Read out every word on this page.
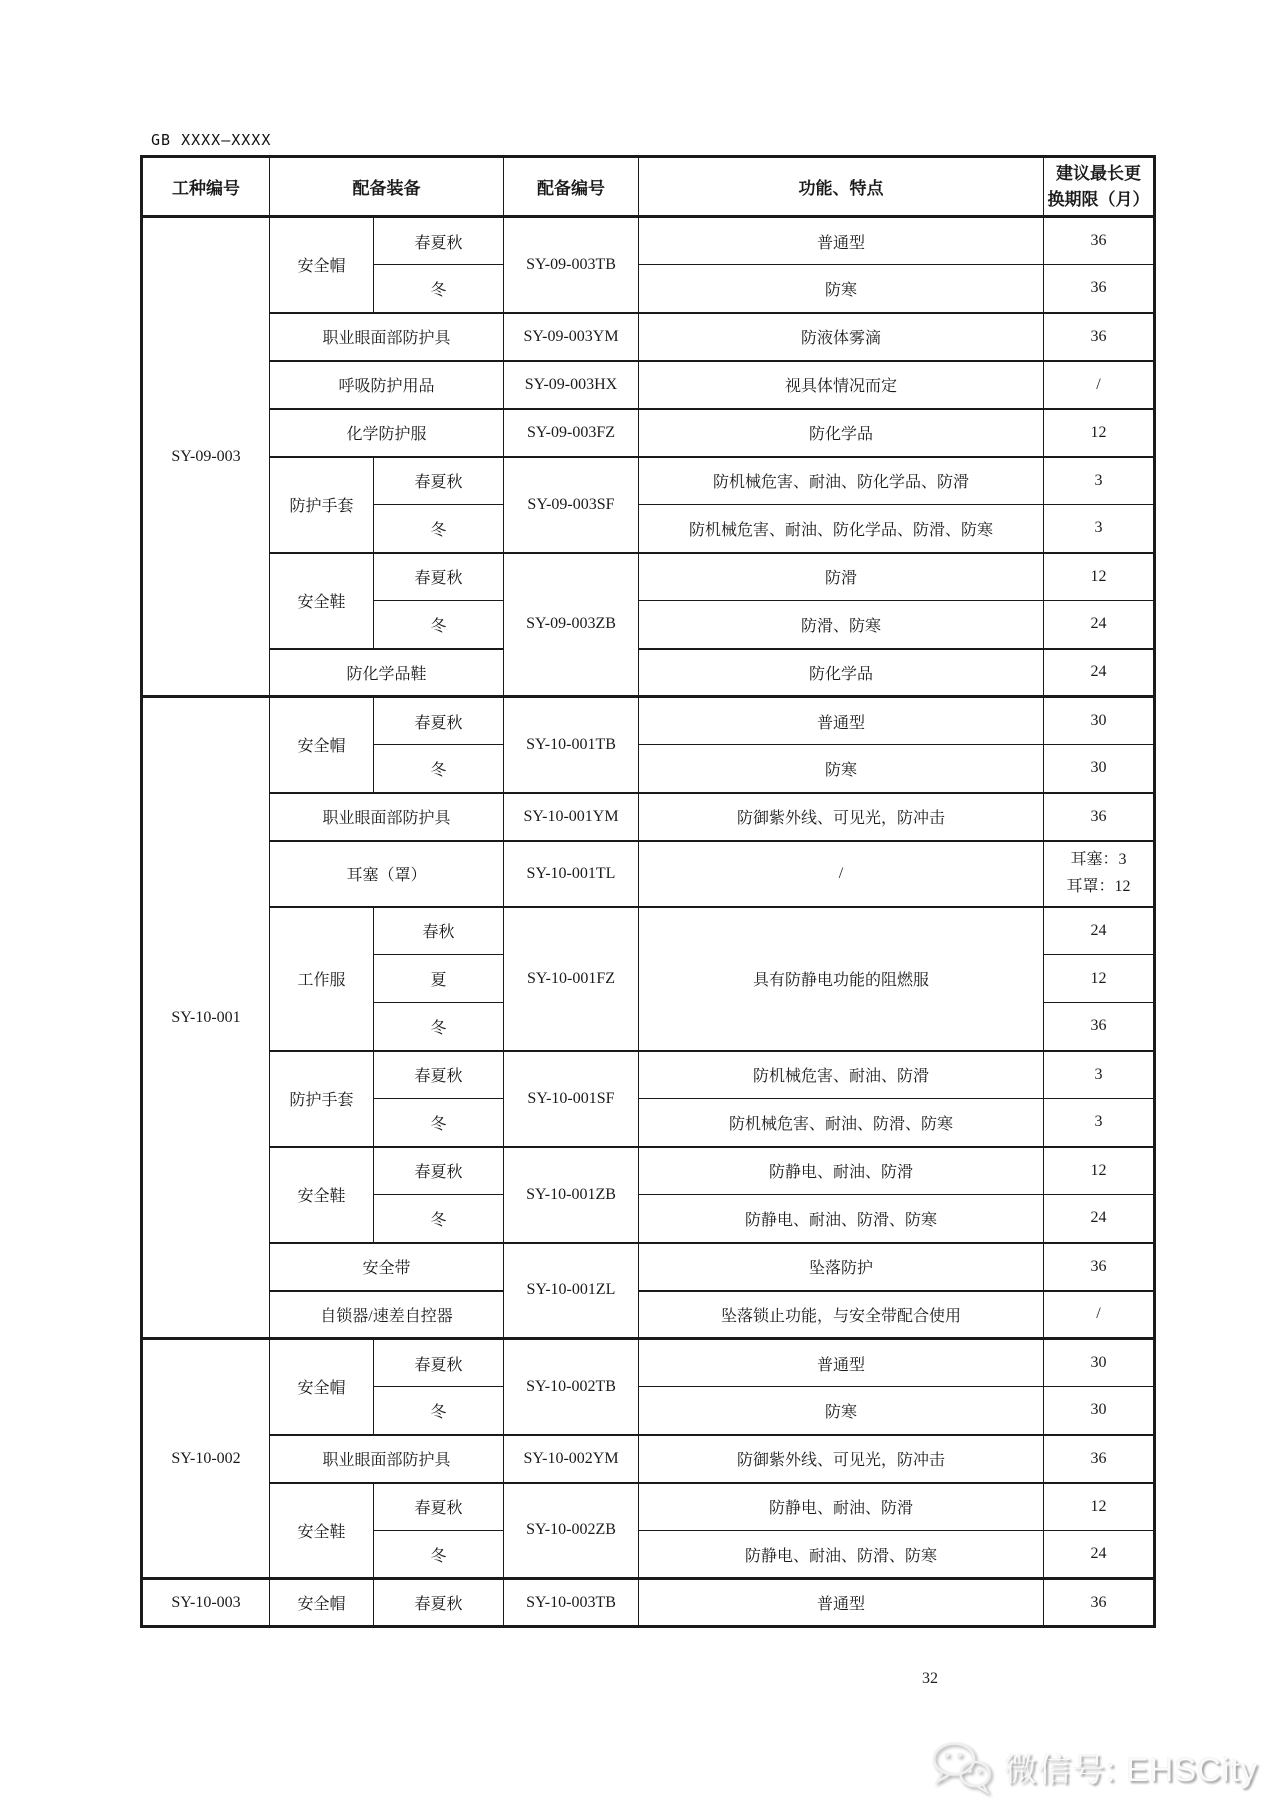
GB XXXX—XXXX
工种编号	配备装备		配备编号	功能、特点	建议最长更
换期限（月）

SY-09-003	安全帽	春夏秋	SY-09-003TB	普通型	36
		冬		防寒	36
	职业眼面部防护具		SY-09-003YM	防液体雾滴	36
	呼吸防护用品		SY-09-003HX	视具体情况而定	/
	化学防护服		SY-09-003FZ	防化学品	12
	防护手套	春夏秋	SY-09-003SF	防机械危害、耐油、防化学品、防滑	3
		冬		防机械危害、耐油、防化学品、防滑、防寒	3
	安全鞋	春夏秋	SY-09-003ZB	防滑	12
		冬		防滑、防寒	24
	防化学品鞋			防化学品	24
SY-10-001	安全帽	春夏秋	SY-10-001TB	普通型	30
		冬		防寒	30
	职业眼面部防护具		SY-10-001YM	防御紫外线、可见光，防冲击	36
	耳塞（罩）		SY-10-001TL	/	耳塞：3
耳罩：12

	工作服	春秋	SY-10-001FZ	具有防静电功能的阻燃服	24
		夏			12
		冬			36
	防护手套	春夏秋	SY-10-001SF	防机械危害、耐油、防滑	3
		冬		防机械危害、耐油、防滑、防寒	3
	安全鞋	春夏秋	SY-10-001ZB	防静电、耐油、防滑	12
		冬		防静电、耐油、防滑、防寒	24
	安全带		SY-10-001ZL	坠落防护	36
	自锁器/速差自控器			坠落锁止功能，与安全带配合使用	/
SY-10-002	安全帽	春夏秋	SY-10-002TB	普通型	30
		冬		防寒	30
	职业眼面部防护具		SY-10-002YM	防御紫外线、可见光，防冲击	36
	安全鞋	春夏秋	SY-10-002ZB	防静电、耐油、防滑	12
		冬		防静电、耐油、防滑、防寒	24
SY-10-003	安全帽	春夏秋	SY-10-003TB	普通型	36
32
微信号: EHSCity
